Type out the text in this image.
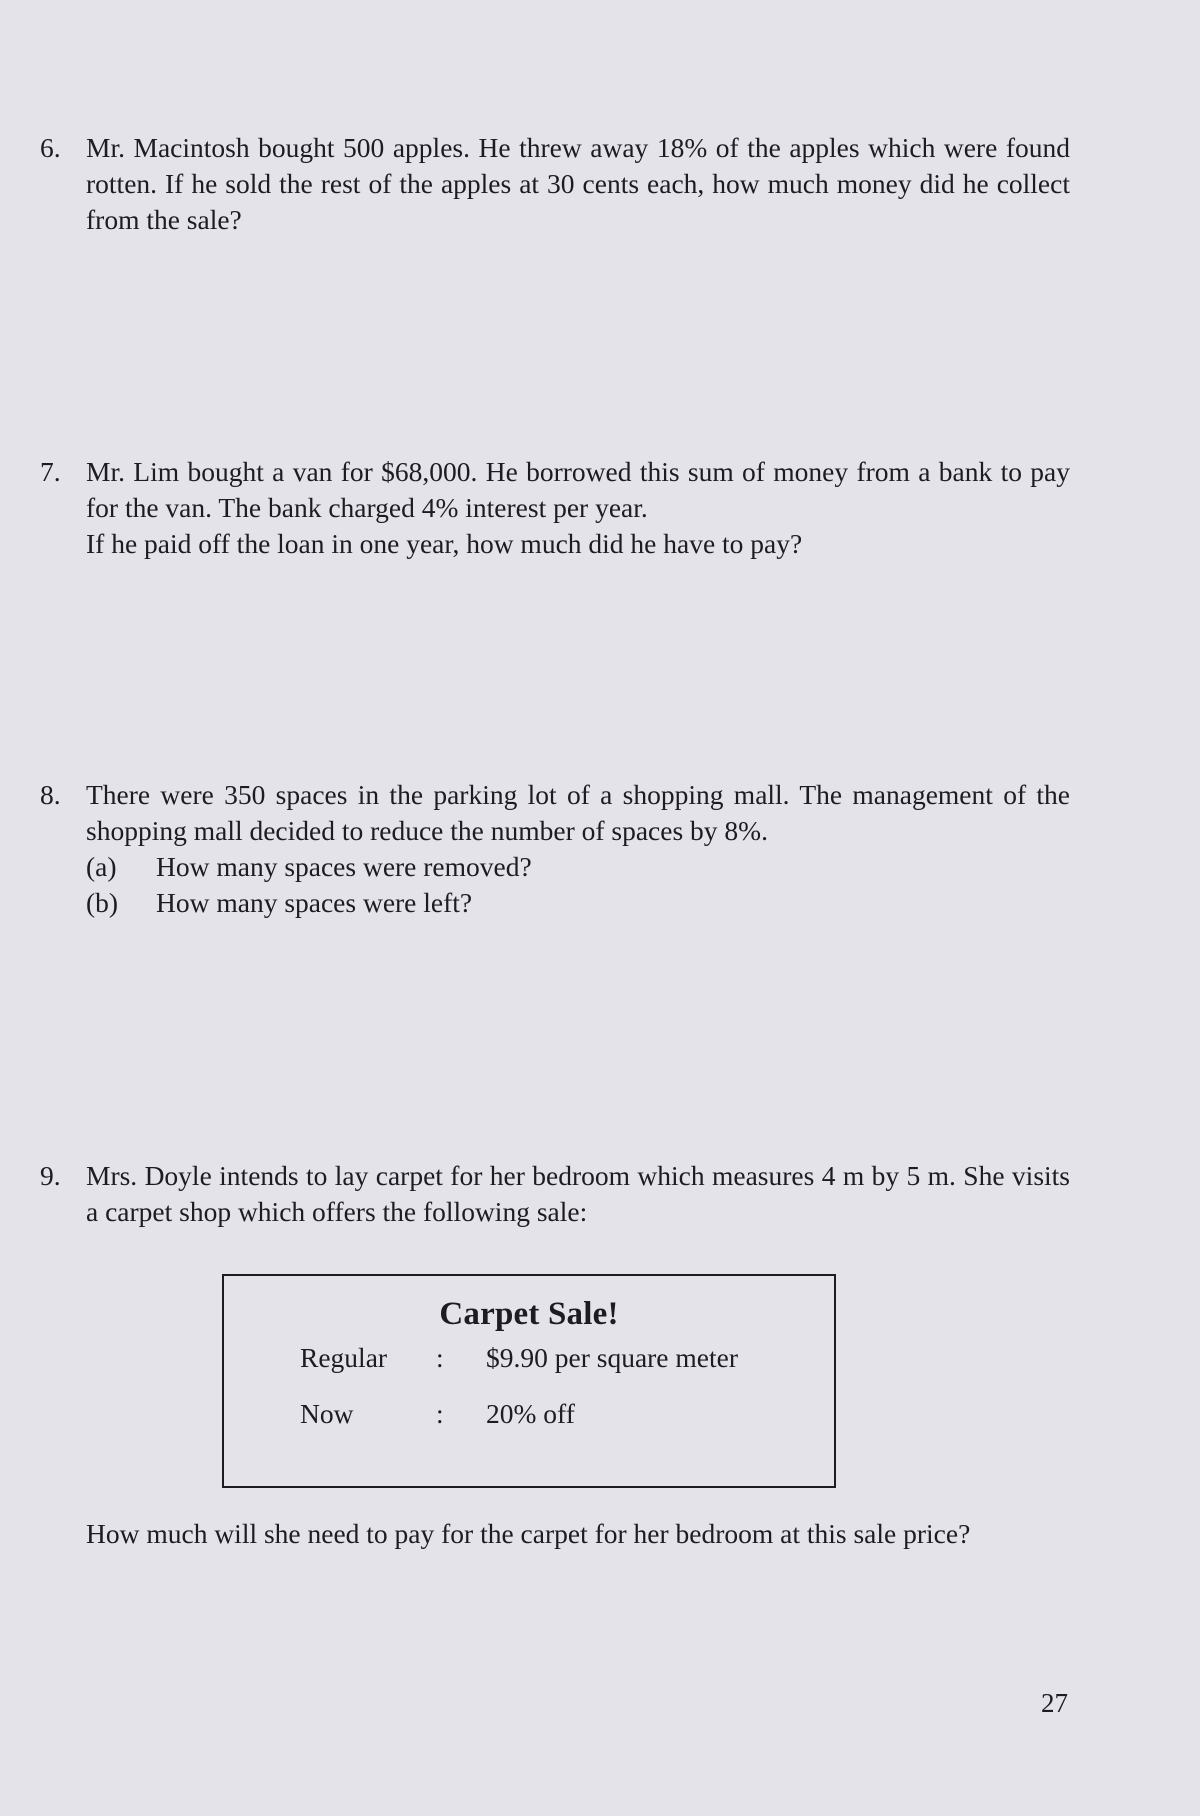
6. Mr. Macintosh bought 500 apples. He threw away 18% of the apples which were found rotten. If he sold the rest of the apples at 30 cents each, how much money did he collect from the sale?

7. Mr. Lim bought a van for $68,000. He borrowed this sum of money from a bank to pay for the van. The bank charged 4% interest per year.

If he paid off the loan in one year, how much did he have to pay?

8. There were 350 spaces in the parking lot of a shopping mall. The management of the shopping mall decided to reduce the number of spaces by 8%.

(a)	How many spaces were removed?
(b)	How many spaces were left?
9. Mrs. Doyle intends to lay carpet for her bedroom which measures 4 m by 5 m. She visits a carpet shop which offers the following sale:

Carpet Sale!
Regular : $9.90 per square meter
Now	: 20% off

How much will she need to pay for the carpet for her bedroom at this sale price?

27
